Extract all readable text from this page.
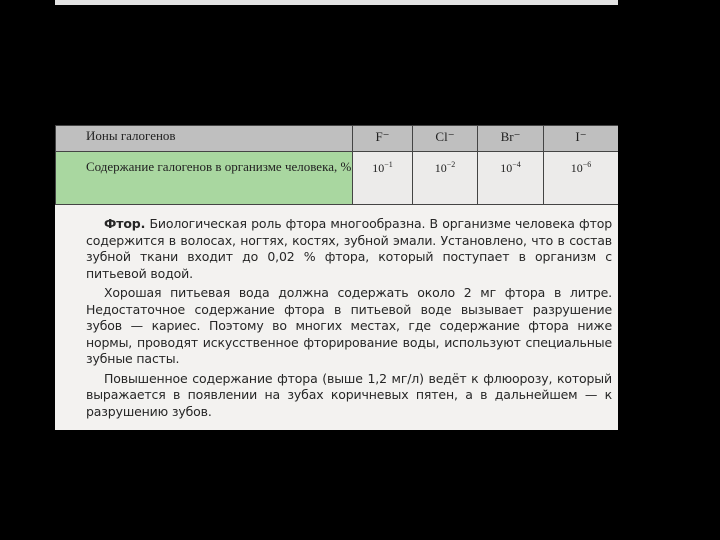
Ионы галогенов	F⁻	Cl⁻	Br⁻	I⁻
Содержание галогенов в организме человека, %	$10^{-1}$	$10^{-2}$	$10^{-4}$	$10^{-6}$

Фтор. Биологическая роль фтора многообразна. В организме человека фтор содержится в волосах, ногтях, костях, зубной эмали. Установлено, что в состав зубной ткани входит до 0,02 % фтора, который поступает в организм с питьевой водой.

Хорошая питьевая вода должна содержать около 2 мг фтора в литре. Недостаточное содержание фтора в питьевой воде вызывает разрушение зубов — кариес. Поэтому во многих местах, где содержание фтора ниже нормы, проводят искусственное фторирование воды, используют специальные зубные пасты.

Повышенное содержание фтора (выше 1,2 мг/л) ведёт к флюорозу, который выражается в появлении на зубах коричневых пятен, а в дальнейшем — к разрушению зубов.
